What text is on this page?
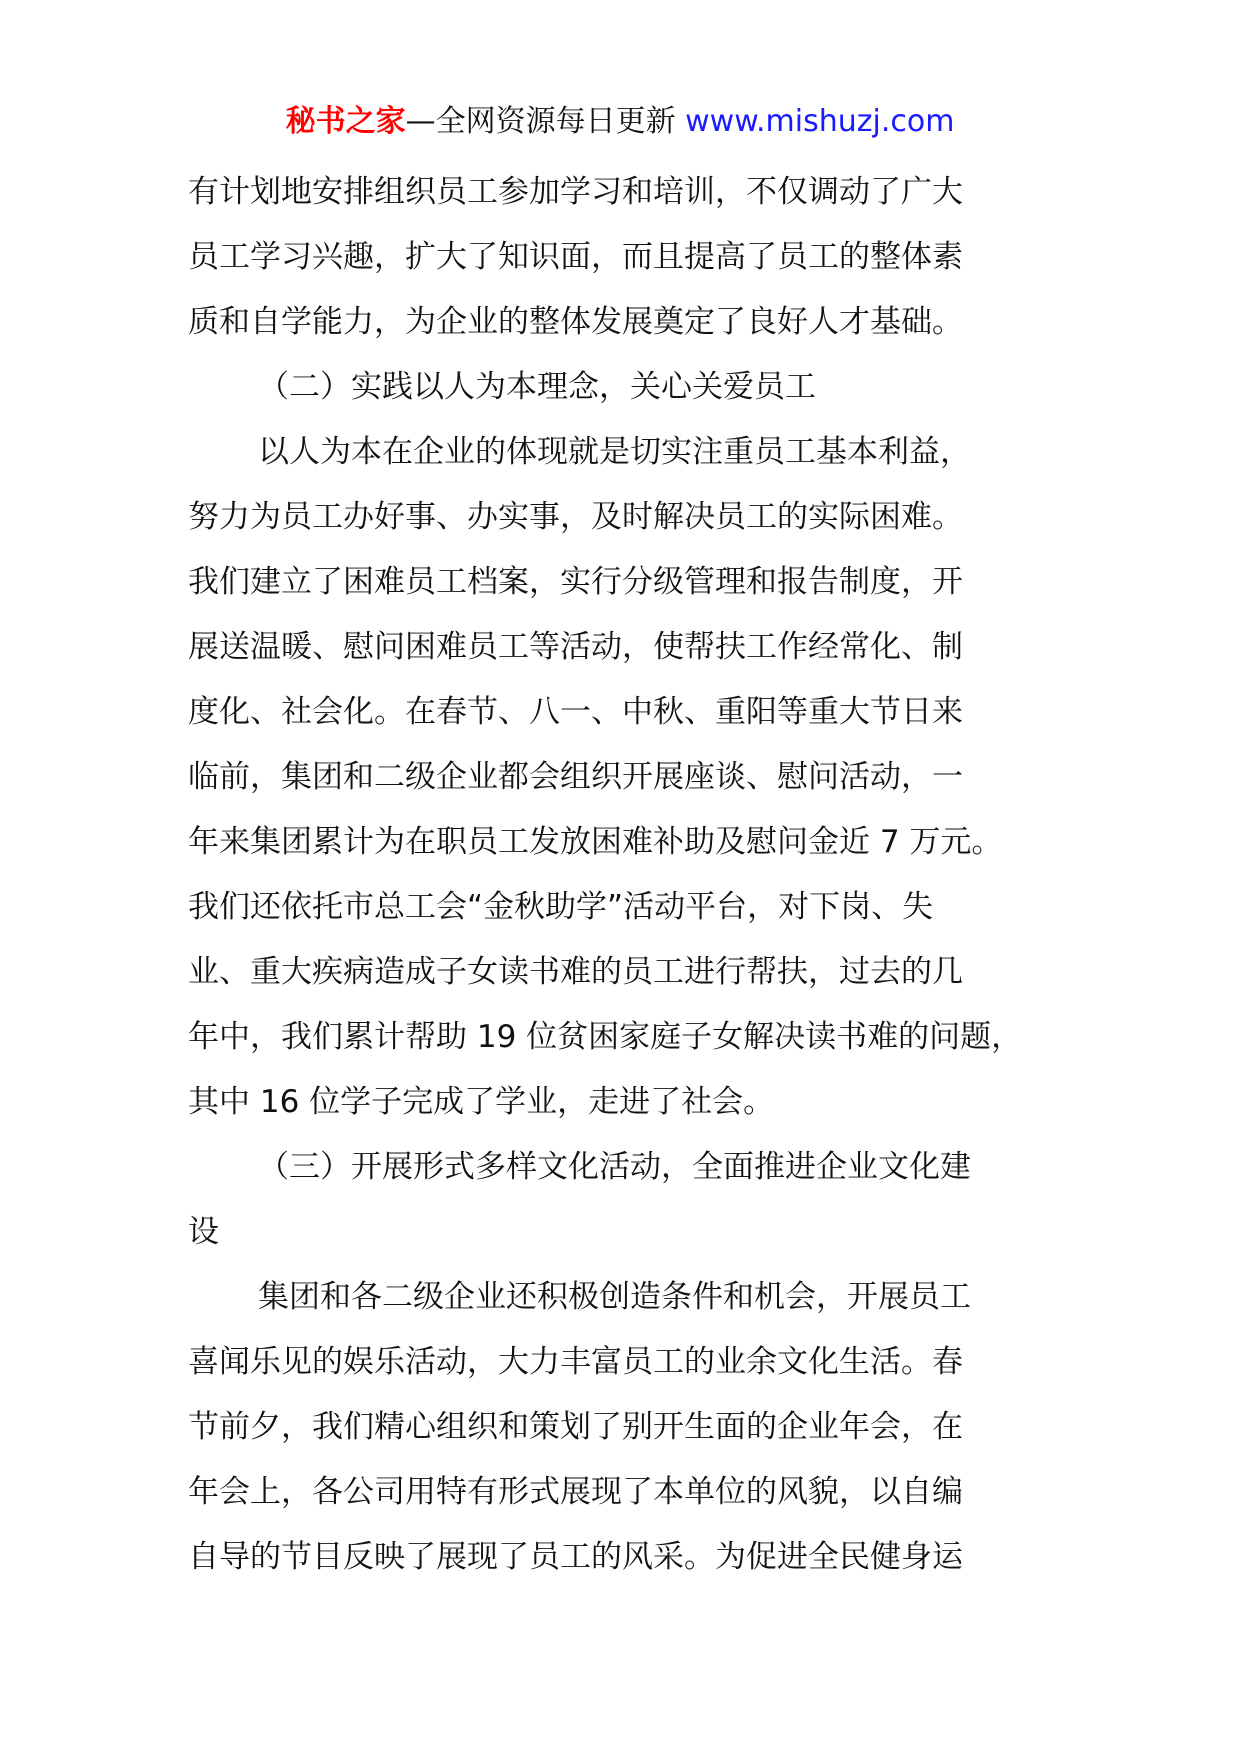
秘书之家—全网资源每日更新 www.mishuzj.com
有计划地安排组织员工参加学习和培训，不仅调动了广大
员工学习兴趣，扩大了知识面，而且提高了员工的整体素
质和自学能力，为企业的整体发展奠定了良好人才基础。
（二）实践以人为本理念，关心关爱员工
以人为本在企业的体现就是切实注重员工基本利益，
努力为员工办好事、办实事，及时解决员工的实际困难。
我们建立了困难员工档案，实行分级管理和报告制度，开
展送温暖、慰问困难员工等活动，使帮扶工作经常化、制
度化、社会化。在春节、八一、中秋、重阳等重大节日来
临前，集团和二级企业都会组织开展座谈、慰问活动，一
年来集团累计为在职员工发放困难补助及慰问金近 7 万元。
我们还依托市总工会“金秋助学”活动平台，对下岗、失
业、重大疾病造成子女读书难的员工进行帮扶，过去的几
年中，我们累计帮助 19 位贫困家庭子女解决读书难的问题，
其中 16 位学子完成了学业，走进了社会。
（三）开展形式多样文化活动，全面推进企业文化建
设
集团和各二级企业还积极创造条件和机会，开展员工
喜闻乐见的娱乐活动，大力丰富员工的业余文化生活。春
节前夕，我们精心组织和策划了别开生面的企业年会，在
年会上，各公司用特有形式展现了本单位的风貌，以自编
自导的节目反映了展现了员工的风采。为促进全民健身运
